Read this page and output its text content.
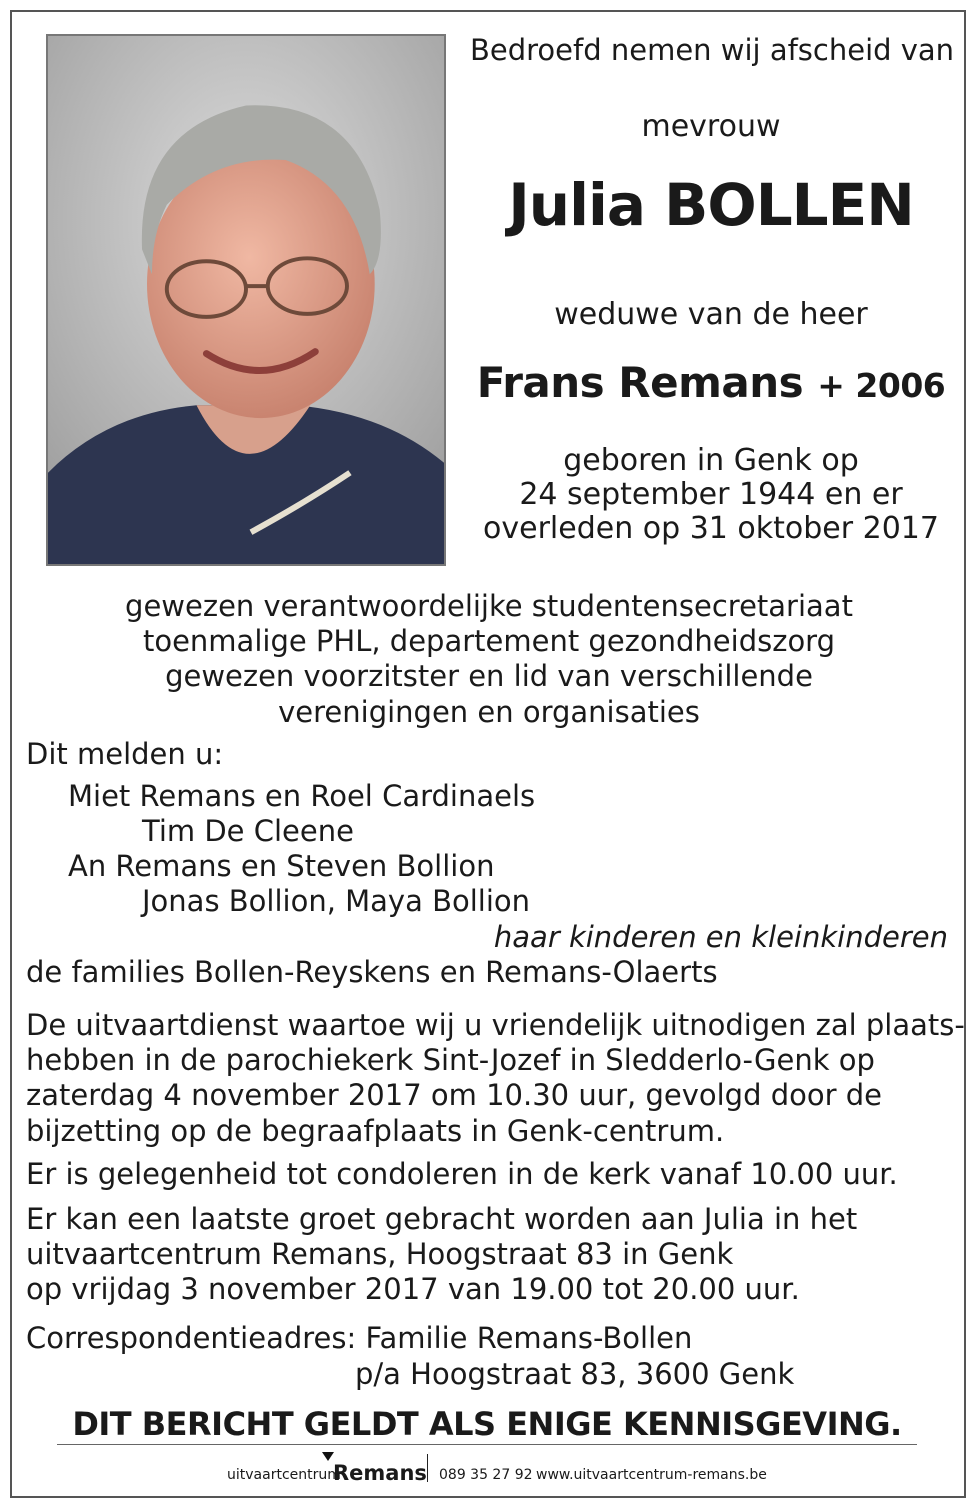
Bedroefd nemen wij afscheid van
mevrouw
Julia BOLLEN
weduwe van de heer
Frans Remans + 2006
geboren in Genk op
24 september 1944 en er
overleden op 31 oktober 2017
gewezen verantwoordelijke studentensecretariaat
toenmalige PHL, departement gezondheidszorg
gewezen voorzitster en lid van verschillende
verenigingen en organisaties
Dit melden u:
Miet Remans en Roel Cardinaels
Tim De Cleene
An Remans en Steven Bollion
Jonas Bollion, Maya Bollion
haar kinderen en kleinkinderen
de families Bollen-Reyskens en Remans-Olaerts
De uitvaartdienst waartoe wij u vriendelijk uitnodigen zal plaats-
hebben in de parochiekerk Sint-Jozef in Sledderlo-Genk op
zaterdag 4 november 2017 om 10.30 uur, gevolgd door de
bijzetting op de begraafplaats in Genk-centrum.
Er is gelegenheid tot condoleren in de kerk vanaf 10.00 uur.
Er kan een laatste groet gebracht worden aan Julia in het
uitvaartcentrum Remans, Hoogstraat 83 in Genk
op vrijdag 3 november 2017 van 19.00 tot 20.00 uur.
Correspondentieadres: Familie Remans-Bollen
p/a Hoogstraat 83, 3600 Genk
DIT BERICHT GELDT ALS ENIGE KENNISGEVING.
uitvaartcentrum
Remans 089 35 27 92 www.uitvaartcentrum-remans.be
